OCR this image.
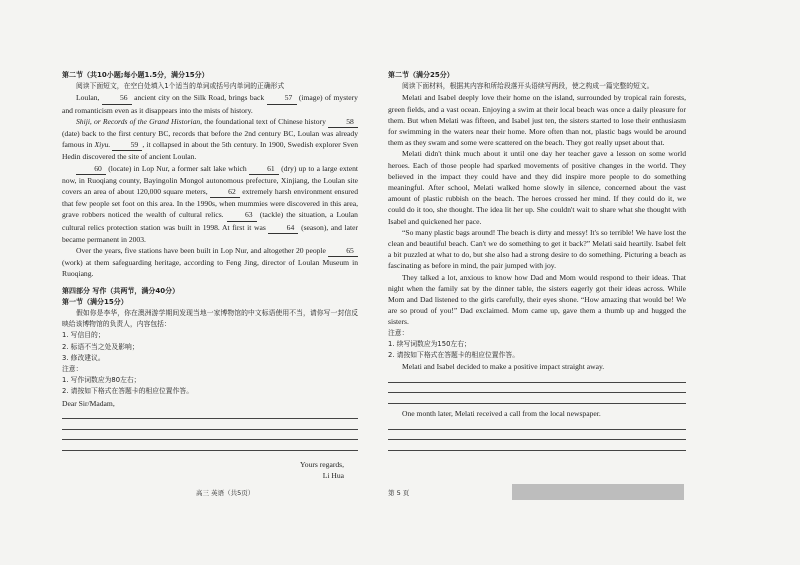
第二节（共10小题;每小题1.5分，满分15分）

阅读下面短文，在空白处填入1个适当的单词或括号内单词的正确形式

Loulan,	56 ancient city on the Silk Road, brings back	57 (image) of mystery and romanticism even as it disappears into the mists of history.

Shiji, or Records of the Grand Historian, the foundational text of Chinese history	58 (date) back to the first century BC, records that before the 2nd century BC, Loulan was already famous in Xiyu.	59 , it collapsed in about the 5th century. In 1900, Swedish explorer Sven Hedin discovered the site of ancient Loulan.

60 (locate) in Lop Nur, a former salt lake which	61 (dry) up to a large extent now, in Ruoqiang county, Bayingolin Mongol autonomous prefecture, Xinjiang, the Loulan site covers an area of about 120,000 square meters,	62 extremely harsh environment ensured that few people set foot on this area. In the 1990s, when mummies were discovered in this area, grave robbers noticed the wealth of cultural relics.	63 (tackle) the situation, a Loulan cultural relics protection station was built in 1998. At first it was	64 (season), and later became permanent in 2003.

Over the years, five stations have been built in Lop Nur, and altogether 20 people	65 (work) at them safeguarding heritage, according to Feng Jing, director of Loulan Museum in Ruoqiang.

第四部分 写作（共两节，满分40分）

第一节（满分15分）

假如你是李华，你在澳洲游学期间发现当地一家博物馆的中文标语使用不当，请你写一封信反映给该博物馆的负责人，内容包括：

1. 写信目的；

2. 标语不当之处及影响；

3. 修改建议。

注意：

1. 写作词数应为80左右；

2. 请按如下格式在答题卡的相应位置作答。

Dear Sir/Madam,

Yours regards,

Li Hua

第二节（满分25分）

阅读下面材料，根据其内容和所给段落开头语续写两段，使之构成一篇完整的短文。

Melati and Isabel deeply love their home on the island, surrounded by tropical rain forests, green fields, and a vast ocean. Enjoying a swim at their local beach was once a daily pleasure for them. But when Melati was fifteen, and Isabel just ten, the sisters started to lose their enthusiasm for swimming in the waters near their home. More often than not, plastic bags would be around them as they swam and some were scattered on the beach. They got really upset about that.

Melati didn't think much about it until one day her teacher gave a lesson on some world heroes. Each of those people had sparked movements of positive changes in the world. They believed in the impact they could have and they did inspire more people to do something meaningful. After school, Melati walked home slowly in silence, concerned about the vast amount of plastic rubbish on the beach. The heroes crossed her mind. If they could do it, we could do it too, she thought. The idea lit her up. She couldn't wait to share what she thought with Isabel and quickened her pace.

“So many plastic bags around! The beach is dirty and messy! It's so terrible! We have lost the clean and beautiful beach. Can't we do something to get it back?” Melati said heartily. Isabel felt a bit puzzled at what to do, but she also had a strong desire to do something. Picturing a beach as fascinating as before in mind, the pair jumped with joy.

They talked a lot, anxious to know how Dad and Mom would respond to their ideas. That night when the family sat by the dinner table, the sisters eagerly got their ideas across. While Mom and Dad listened to the girls carefully, their eyes shone. “How amazing that would be! We are so proud of you!” Dad exclaimed. Mom came up, gave them a thumb up and hugged the sisters.

注意：

1. 续写词数应为150左右；

2. 请按如下格式在答题卡的相应位置作答。

Melati and Isabel decided to make a positive impact straight away.

One month later, Melati received a call from the local newspaper.

高三 英语（共5页）	第 5 页
